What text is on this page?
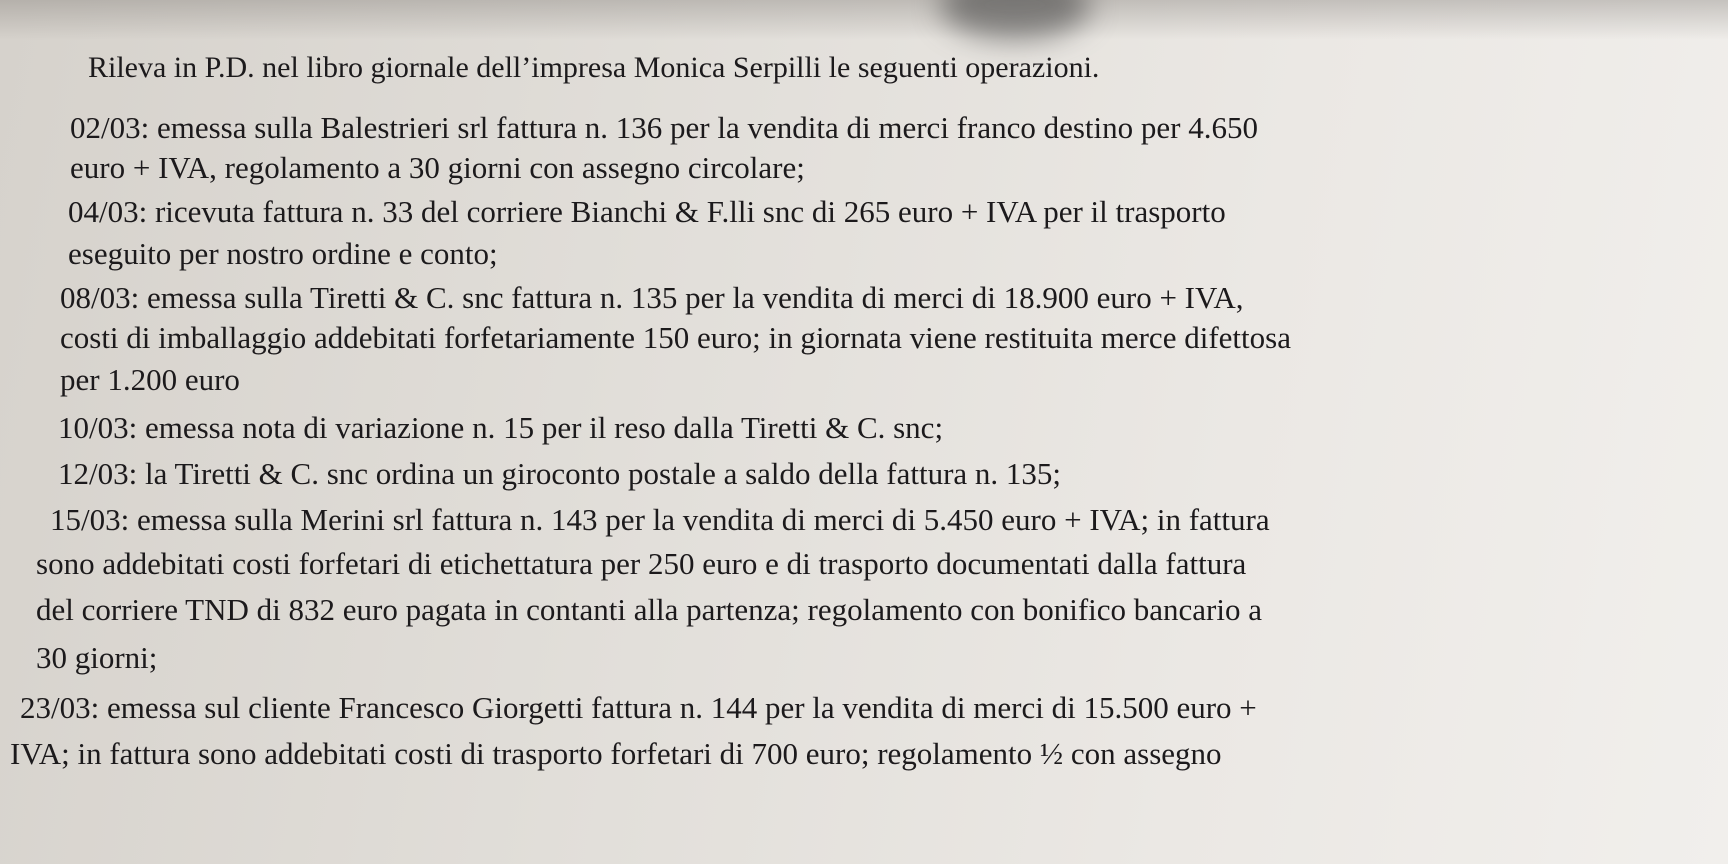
Rileva in P.D. nel libro giornale dell’impresa Monica Serpilli le seguenti operazioni.
02/03: emessa sulla Balestrieri srl fattura n. 136 per la vendita di merci franco destino per 4.650
euro + IVA, regolamento a 30 giorni con assegno circolare;
04/03: ricevuta fattura n. 33 del corriere Bianchi & F.lli snc di 265 euro + IVA per il trasporto
eseguito per nostro ordine e conto;
08/03: emessa sulla Tiretti & C. snc fattura n. 135 per la vendita di merci di 18.900 euro + IVA,
costi di imballaggio addebitati forfetariamente 150 euro; in giornata viene restituita merce difettosa
per 1.200 euro
10/03: emessa nota di variazione n. 15 per il reso dalla Tiretti & C. snc;
12/03: la Tiretti & C. snc ordina un giroconto postale a saldo della fattura n. 135;
15/03: emessa sulla Merini srl fattura n. 143 per la vendita di merci di 5.450 euro + IVA; in fattura
sono addebitati costi forfetari di etichettatura per 250 euro e di trasporto documentati dalla fattura
del corriere TND di 832 euro pagata in contanti alla partenza; regolamento con bonifico bancario a
30 giorni;
23/03: emessa sul cliente Francesco Giorgetti fattura n. 144 per la vendita di merci di 15.500 euro +
IVA; in fattura sono addebitati costi di trasporto forfetari di 700 euro; regolamento ½ con assegno
